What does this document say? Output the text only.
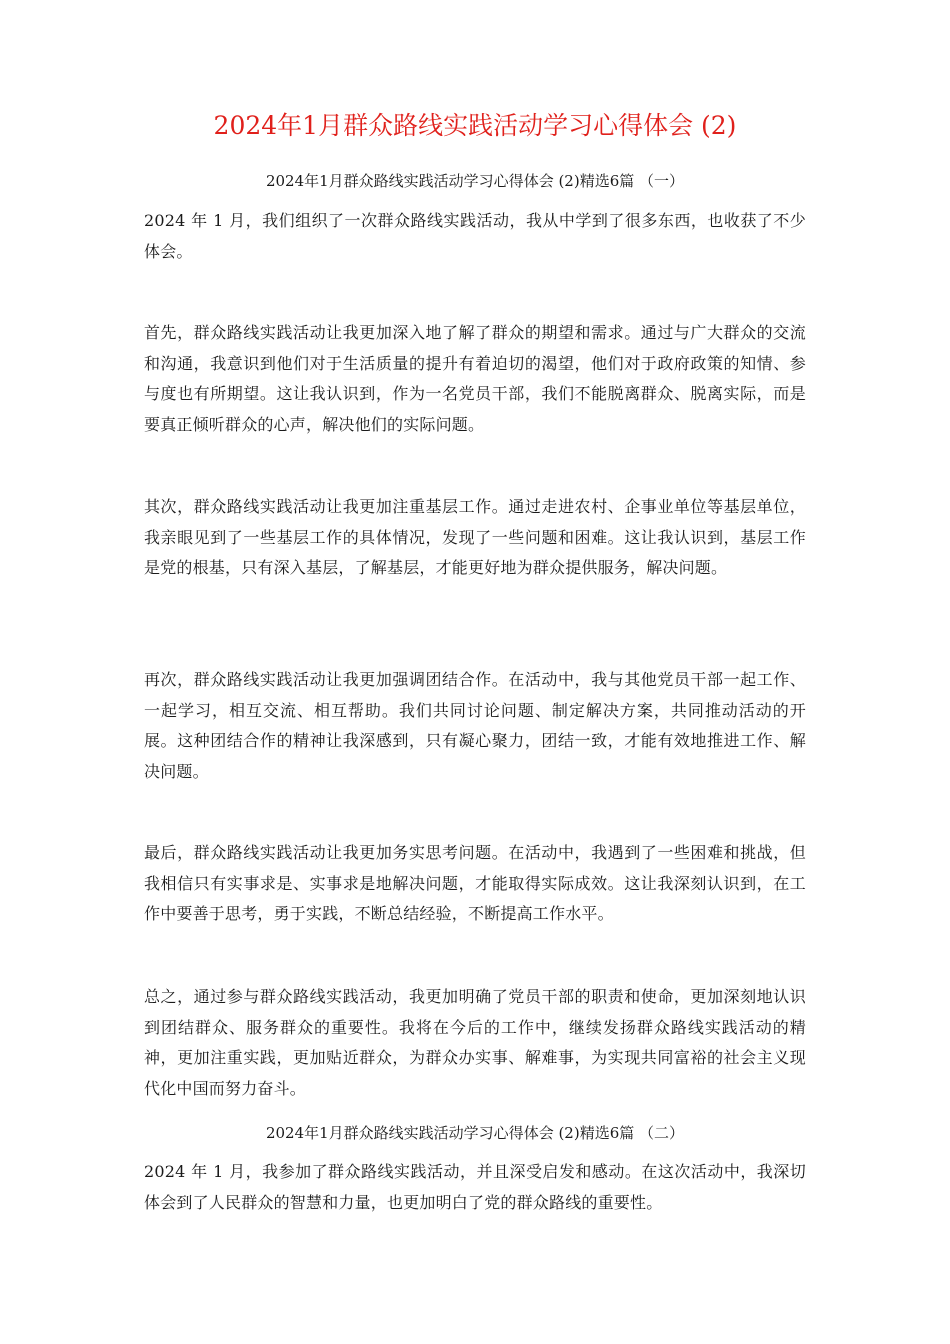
2024年1月群众路线实践活动学习心得体会 (2)
2024年1月群众路线实践活动学习心得体会 (2)精选6篇 （一）

2024 年 1 月，我们组织了一次群众路线实践活动，我从中学到了很多东西，也收获了不少体会。

首先，群众路线实践活动让我更加深入地了解了群众的期望和需求。通过与广大群众的交流和沟通，我意识到他们对于生活质量的提升有着迫切的渴望，他们对于政府政策的知情、参与度也有所期望。这让我认识到，作为一名党员干部，我们不能脱离群众、脱离实际，而是要真正倾听群众的心声，解决他们的实际问题。

其次，群众路线实践活动让我更加注重基层工作。通过走进农村、企事业单位等基层单位，我亲眼见到了一些基层工作的具体情况，发现了一些问题和困难。这让我认识到，基层工作是党的根基，只有深入基层，了解基层，才能更好地为群众提供服务，解决问题。

再次，群众路线实践活动让我更加强调团结合作。在活动中，我与其他党员干部一起工作、一起学习，相互交流、相互帮助。我们共同讨论问题、制定解决方案，共同推动活动的开展。这种团结合作的精神让我深感到，只有凝心聚力，团结一致，才能有效地推进工作、解决问题。

最后，群众路线实践活动让我更加务实思考问题。在活动中，我遇到了一些困难和挑战，但我相信只有实事求是、实事求是地解决问题，才能取得实际成效。这让我深刻认识到，在工作中要善于思考，勇于实践，不断总结经验，不断提高工作水平。

总之，通过参与群众路线实践活动，我更加明确了党员干部的职责和使命，更加深刻地认识到团结群众、服务群众的重要性。我将在今后的工作中，继续发扬群众路线实践活动的精神，更加注重实践，更加贴近群众，为群众办实事、解难事，为实现共同富裕的社会主义现代化中国而努力奋斗。

2024年1月群众路线实践活动学习心得体会 (2)精选6篇 （二）

2024 年 1 月，我参加了群众路线实践活动，并且深受启发和感动。在这次活动中，我深切体会到了人民群众的智慧和力量，也更加明白了党的群众路线的重要性。
